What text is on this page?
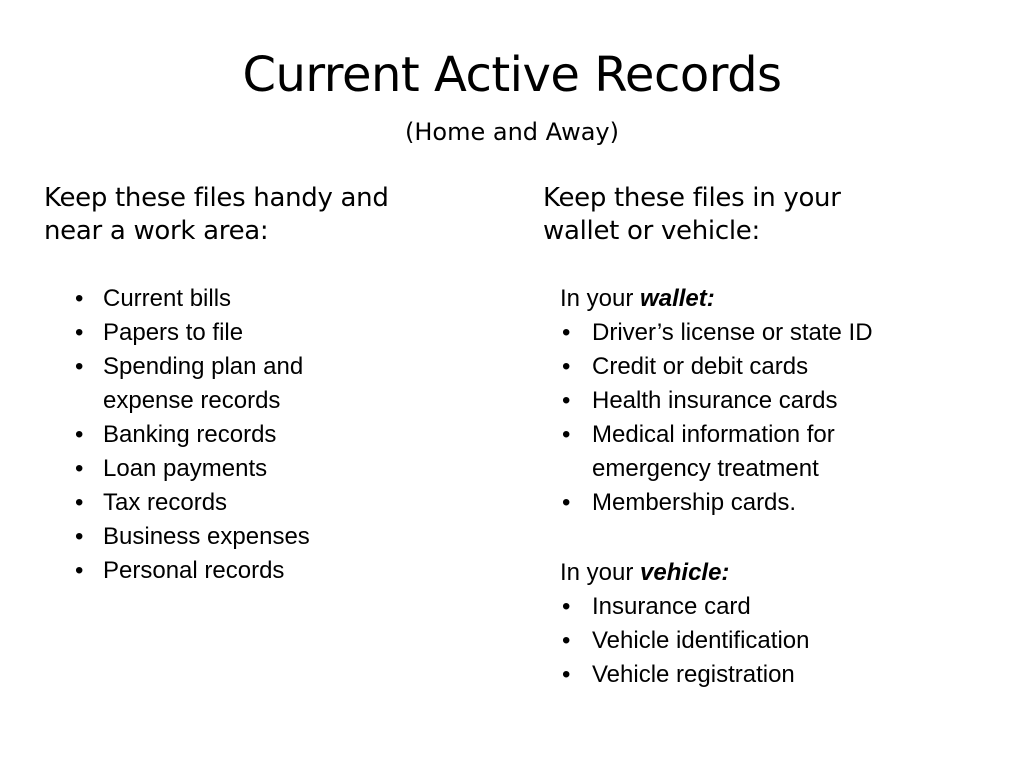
Current Active Records
(Home and Away)
Keep these files handy and
near a work area:
Keep these files in your
wallet or vehicle:
• Current bills
• Papers to file
• Spending plan and
expense records
• Banking records
• Loan payments
• Tax records
• Business expenses
• Personal records
In your wallet:
• Driver’s license or state ID
• Credit or debit cards
• Health insurance cards
• Medical information for
emergency treatment
• Membership cards.
In your vehicle:
• Insurance card
• Vehicle identification
• Vehicle registration
